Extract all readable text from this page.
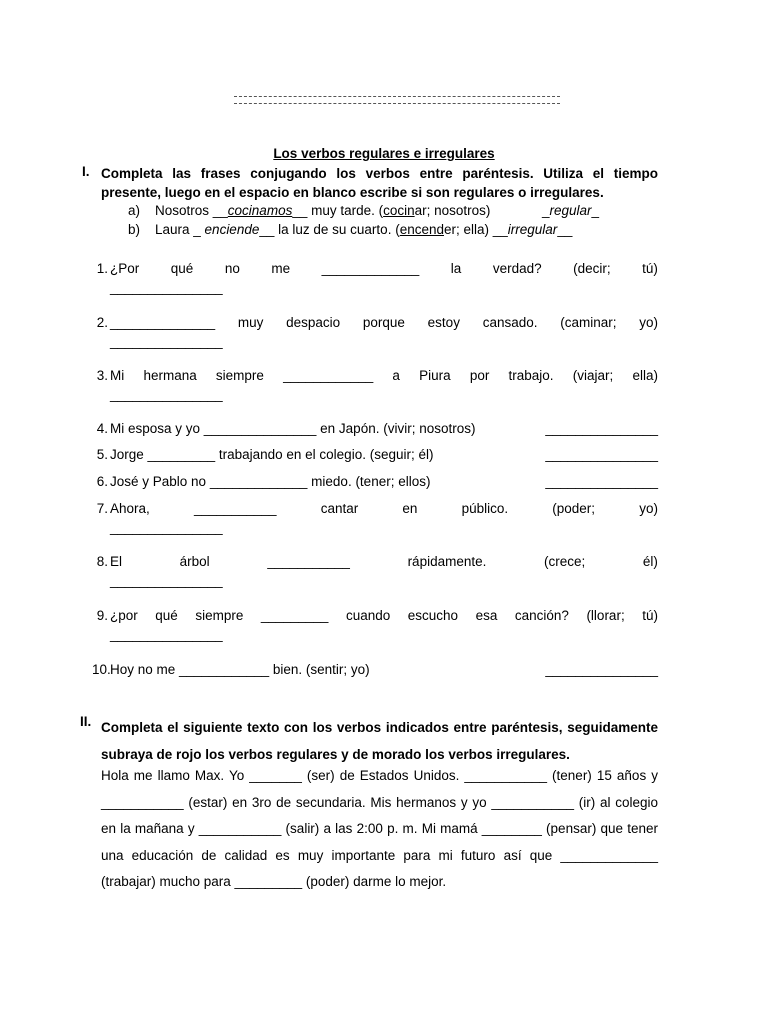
Los verbos regulares e irregulares
I. Completa las frases conjugando los verbos entre paréntesis. Utiliza el tiempo presente, luego en el espacio en blanco escribe si son regulares o irregulares.
a) Nosotros __cocinamos__ muy tarde. (cocinar; nosotros)	_regular_
b) Laura _ enciende__ la luz de su cuarto. (encender; ella) __irregular__
1. ¿Por qué no me _____________ la verdad? (decir; tú)
_______________
2. ______________ muy despacio porque estoy cansado. (caminar; yo)
_______________
3. Mi hermana siempre ____________ a Piura por trabajo. (viajar; ella)
_______________
4. Mi esposa y yo _______________ en Japón. (vivir; nosotros)	_______________
5. Jorge _________ trabajando en el colegio. (seguir; él)	_______________
6. José y Pablo no _____________ miedo. (tener; ellos)	_______________
7. Ahora,	___________	cantar	en	público.	(poder;	yo)
_______________
8. El	árbol	___________	rápidamente.	(crece;	él)
_______________
9. ¿por qué siempre _________ cuando escucho esa canción? (llorar; tú)
_______________
10. Hoy no me ____________ bien. (sentir; yo)	_______________
II. Completa el siguiente texto con los verbos indicados entre paréntesis, seguidamente subraya de rojo los verbos regulares y de morado los verbos irregulares.
Hola me llamo Max. Yo _______ (ser) de Estados Unidos. ___________ (tener) 15 años y ___________ (estar) en 3ro de secundaria. Mis hermanos y yo ___________ (ir) al colegio en la mañana y ___________ (salir) a las 2:00 p. m. Mi mamá ________ (pensar) que tener una educación de calidad es muy importante para mi futuro así que _____________ (trabajar) mucho para _________ (poder) darme lo mejor.
